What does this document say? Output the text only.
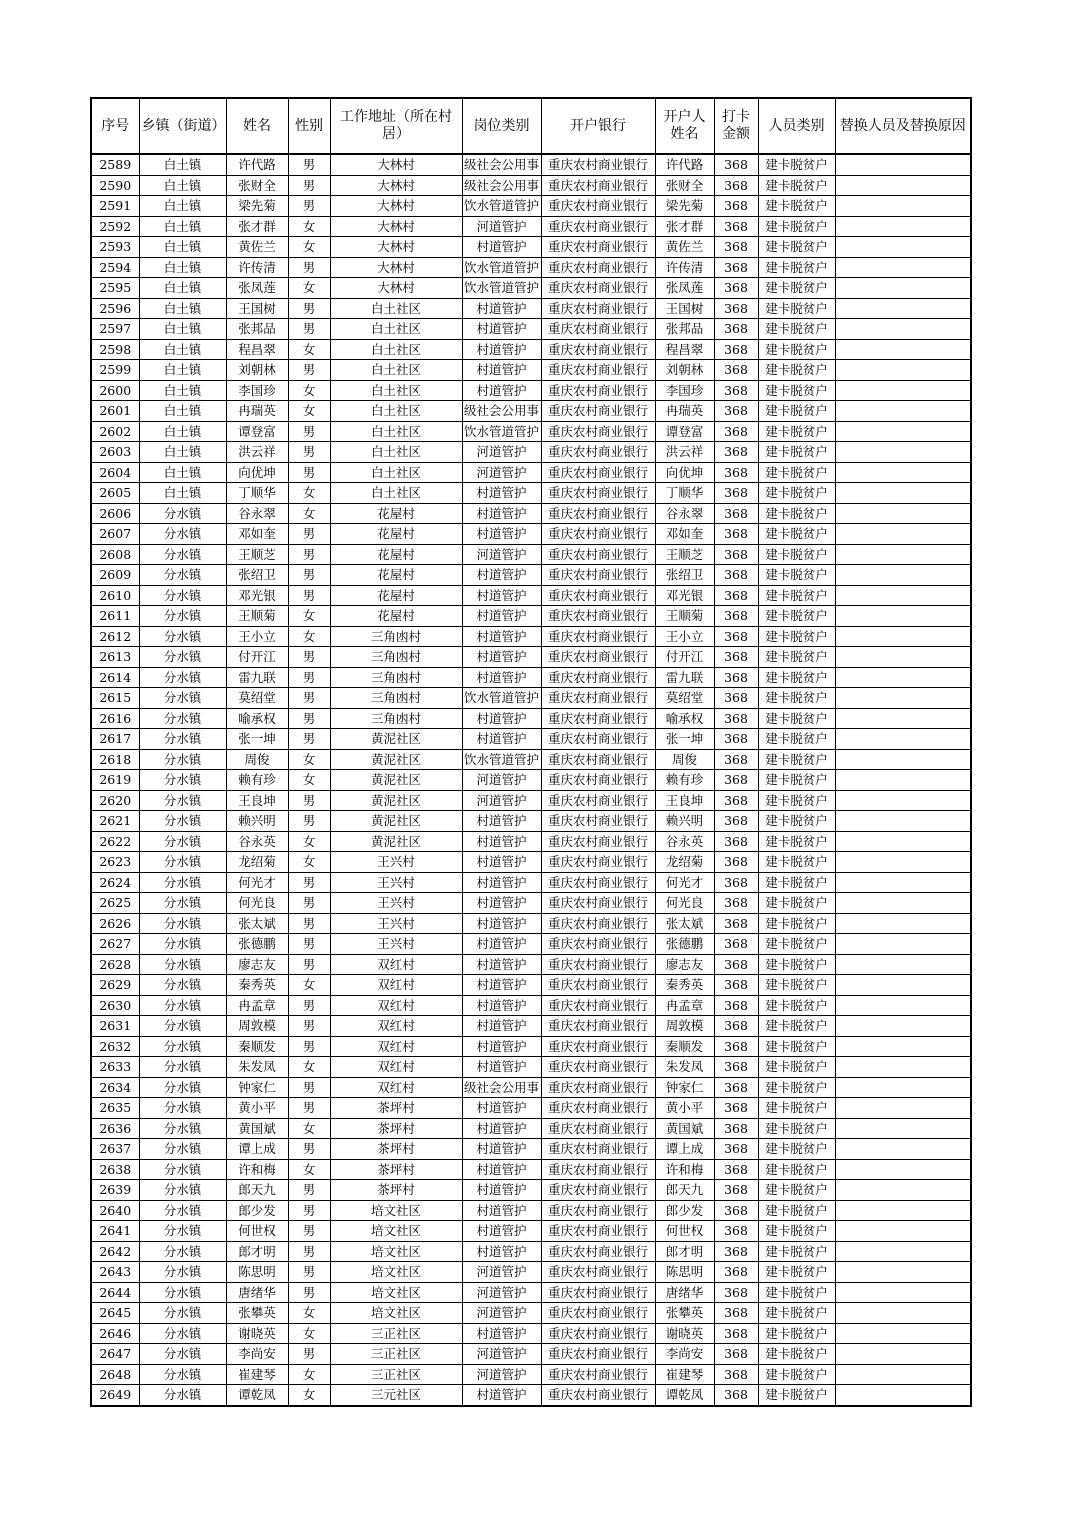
序号	乡镇（街道）	姓名	性别	工作地址（所在村居）	岗位类别	开户银行	开户人姓名	打卡金额	人员类别	替换人员及替换原因
2589	白土镇	许代路	男	大林村	级社会公用事	重庆农村商业银行	许代路	368	建卡脱贫户	
2590	白土镇	张财全	男	大林村	级社会公用事	重庆农村商业银行	张财全	368	建卡脱贫户	
2591	白土镇	梁先菊	男	大林村	饮水管道管护	重庆农村商业银行	梁先菊	368	建卡脱贫户	
2592	白土镇	张才群	女	大林村	河道管护	重庆农村商业银行	张才群	368	建卡脱贫户	
2593	白土镇	黄佐兰	女	大林村	村道管护	重庆农村商业银行	黄佐兰	368	建卡脱贫户	
2594	白土镇	许传清	男	大林村	饮水管道管护	重庆农村商业银行	许传清	368	建卡脱贫户	
2595	白土镇	张凤莲	女	大林村	饮水管道管护	重庆农村商业银行	张凤莲	368	建卡脱贫户	
2596	白土镇	王国树	男	白土社区	村道管护	重庆农村商业银行	王国树	368	建卡脱贫户	
2597	白土镇	张邦品	男	白土社区	村道管护	重庆农村商业银行	张邦品	368	建卡脱贫户	
2598	白土镇	程昌翠	女	白土社区	村道管护	重庆农村商业银行	程昌翠	368	建卡脱贫户	
2599	白土镇	刘朝林	男	白土社区	村道管护	重庆农村商业银行	刘朝林	368	建卡脱贫户	
2600	白土镇	李国珍	女	白土社区	村道管护	重庆农村商业银行	李国珍	368	建卡脱贫户	
2601	白土镇	冉瑞英	女	白土社区	级社会公用事	重庆农村商业银行	冉瑞英	368	建卡脱贫户	
2602	白土镇	谭登富	男	白土社区	饮水管道管护	重庆农村商业银行	谭登富	368	建卡脱贫户	
2603	白土镇	洪云祥	男	白土社区	河道管护	重庆农村商业银行	洪云祥	368	建卡脱贫户	
2604	白土镇	向优坤	男	白土社区	河道管护	重庆农村商业银行	向优坤	368	建卡脱贫户	
2605	白土镇	丁顺华	女	白土社区	村道管护	重庆农村商业银行	丁顺华	368	建卡脱贫户	
2606	分水镇	谷永翠	女	花屋村	村道管护	重庆农村商业银行	谷永翠	368	建卡脱贫户	
2607	分水镇	邓如奎	男	花屋村	村道管护	重庆农村商业银行	邓如奎	368	建卡脱贫户	
2608	分水镇	王顺芝	男	花屋村	河道管护	重庆农村商业银行	王顺芝	368	建卡脱贫户	
2609	分水镇	张绍卫	男	花屋村	村道管护	重庆农村商业银行	张绍卫	368	建卡脱贫户	
2610	分水镇	邓光银	男	花屋村	村道管护	重庆农村商业银行	邓光银	368	建卡脱贫户	
2611	分水镇	王顺菊	女	花屋村	村道管护	重庆农村商业银行	王顺菊	368	建卡脱贫户	
2612	分水镇	王小立	女	三角凼村	村道管护	重庆农村商业银行	王小立	368	建卡脱贫户	
2613	分水镇	付开江	男	三角凼村	村道管护	重庆农村商业银行	付开江	368	建卡脱贫户	
2614	分水镇	雷九联	男	三角凼村	村道管护	重庆农村商业银行	雷九联	368	建卡脱贫户	
2615	分水镇	莫绍堂	男	三角凼村	饮水管道管护	重庆农村商业银行	莫绍堂	368	建卡脱贫户	
2616	分水镇	喻承权	男	三角凼村	村道管护	重庆农村商业银行	喻承权	368	建卡脱贫户	
2617	分水镇	张一坤	男	黄泥社区	村道管护	重庆农村商业银行	张一坤	368	建卡脱贫户	
2618	分水镇	周俊	女	黄泥社区	饮水管道管护	重庆农村商业银行	周俊	368	建卡脱贫户	
2619	分水镇	赖有珍	女	黄泥社区	河道管护	重庆农村商业银行	赖有珍	368	建卡脱贫户	
2620	分水镇	王良坤	男	黄泥社区	河道管护	重庆农村商业银行	王良坤	368	建卡脱贫户	
2621	分水镇	赖兴明	男	黄泥社区	村道管护	重庆农村商业银行	赖兴明	368	建卡脱贫户	
2622	分水镇	谷永英	女	黄泥社区	村道管护	重庆农村商业银行	谷永英	368	建卡脱贫户	
2623	分水镇	龙绍菊	女	王兴村	村道管护	重庆农村商业银行	龙绍菊	368	建卡脱贫户	
2624	分水镇	何光才	男	王兴村	村道管护	重庆农村商业银行	何光才	368	建卡脱贫户	
2625	分水镇	何光良	男	王兴村	村道管护	重庆农村商业银行	何光良	368	建卡脱贫户	
2626	分水镇	张太斌	男	王兴村	村道管护	重庆农村商业银行	张太斌	368	建卡脱贫户	
2627	分水镇	张德鹏	男	王兴村	村道管护	重庆农村商业银行	张德鹏	368	建卡脱贫户	
2628	分水镇	廖志友	男	双红村	村道管护	重庆农村商业银行	廖志友	368	建卡脱贫户	
2629	分水镇	秦秀英	女	双红村	村道管护	重庆农村商业银行	秦秀英	368	建卡脱贫户	
2630	分水镇	冉孟章	男	双红村	村道管护	重庆农村商业银行	冉孟章	368	建卡脱贫户	
2631	分水镇	周敦模	男	双红村	村道管护	重庆农村商业银行	周敦模	368	建卡脱贫户	
2632	分水镇	秦顺发	男	双红村	村道管护	重庆农村商业银行	秦顺发	368	建卡脱贫户	
2633	分水镇	朱发凤	女	双红村	村道管护	重庆农村商业银行	朱发凤	368	建卡脱贫户	
2634	分水镇	钟家仁	男	双红村	级社会公用事	重庆农村商业银行	钟家仁	368	建卡脱贫户	
2635	分水镇	黄小平	男	茶坪村	村道管护	重庆农村商业银行	黄小平	368	建卡脱贫户	
2636	分水镇	黄国斌	女	茶坪村	村道管护	重庆农村商业银行	黄国斌	368	建卡脱贫户	
2637	分水镇	谭上成	男	茶坪村	村道管护	重庆农村商业银行	谭上成	368	建卡脱贫户	
2638	分水镇	许和梅	女	茶坪村	村道管护	重庆农村商业银行	许和梅	368	建卡脱贫户	
2639	分水镇	郎天九	男	茶坪村	村道管护	重庆农村商业银行	郎天九	368	建卡脱贫户	
2640	分水镇	郎少发	男	培文社区	村道管护	重庆农村商业银行	郎少发	368	建卡脱贫户	
2641	分水镇	何世权	男	培文社区	村道管护	重庆农村商业银行	何世权	368	建卡脱贫户	
2642	分水镇	郎才明	男	培文社区	村道管护	重庆农村商业银行	郎才明	368	建卡脱贫户	
2643	分水镇	陈思明	男	培文社区	河道管护	重庆农村商业银行	陈思明	368	建卡脱贫户	
2644	分水镇	唐绪华	男	培文社区	河道管护	重庆农村商业银行	唐绪华	368	建卡脱贫户	
2645	分水镇	张攀英	女	培文社区	河道管护	重庆农村商业银行	张攀英	368	建卡脱贫户	
2646	分水镇	谢晓英	女	三正社区	村道管护	重庆农村商业银行	谢晓英	368	建卡脱贫户	
2647	分水镇	李尚安	男	三正社区	河道管护	重庆农村商业银行	李尚安	368	建卡脱贫户	
2648	分水镇	崔建琴	女	三正社区	河道管护	重庆农村商业银行	崔建琴	368	建卡脱贫户	
2649	分水镇	谭乾凤	女	三元社区	村道管护	重庆农村商业银行	谭乾凤	368	建卡脱贫户	
